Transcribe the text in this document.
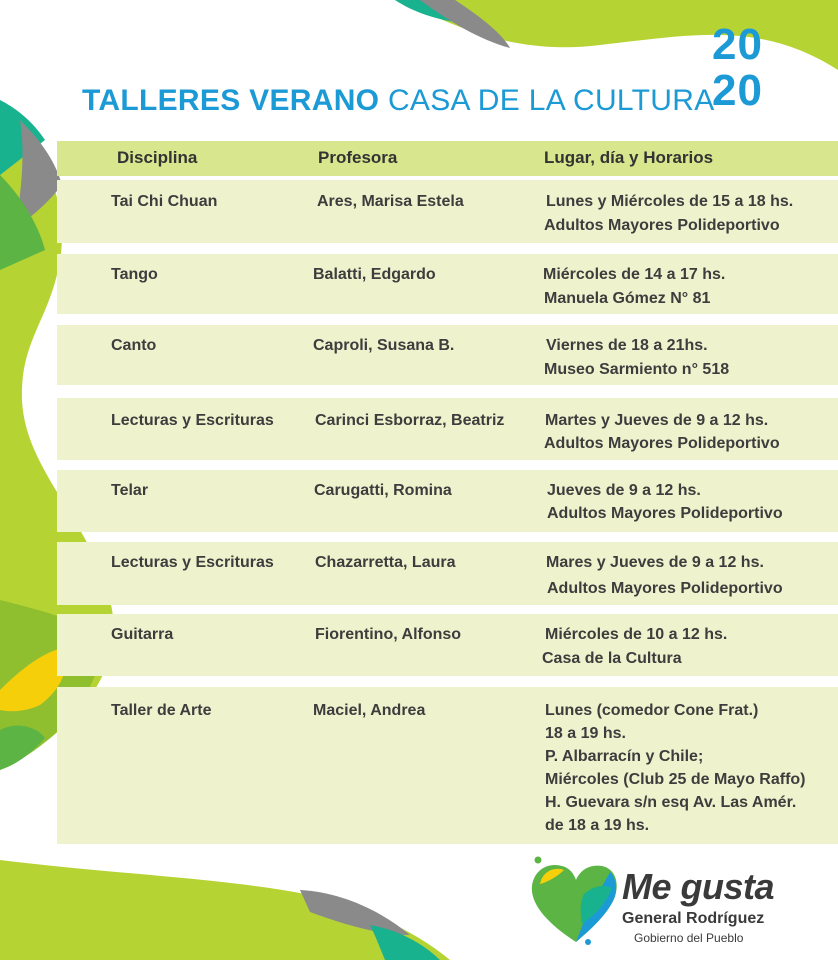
TALLERES VERANO CASA DE LA CULTURA
20
20
Disciplina	Profesora	Lugar, día y Horarios
Tai Chi Chuan	Ares, Marisa Estela	Lunes y Miércoles de 15 a 18 hs.
Adultos Mayores Polideportivo
Tango	Balatti, Edgardo	Miércoles de 14 a 17 hs.
Manuela Gómez N° 81
Canto	Caproli, Susana B.	Viernes de 18 a 21hs.
Museo Sarmiento n° 518
Lecturas y Escrituras	Carinci Esborraz, Beatriz	Martes y Jueves de 9 a 12 hs.
Adultos Mayores Polideportivo
Telar	Carugatti, Romina	Jueves de 9 a 12 hs.
Adultos Mayores Polideportivo
Lecturas y Escrituras	Chazarretta, Laura	Mares y Jueves de 9 a 12 hs.
Adultos Mayores Polideportivo
Guitarra	Fiorentino, Alfonso	Miércoles de 10 a 12 hs.
Casa de la Cultura
Taller de Arte	Maciel, Andrea	Lunes (comedor Cone Frat.)
18 a 19 hs.
P. Albarracín y Chile;
Miércoles (Club 25 de Mayo Raffo)
H. Guevara s/n esq Av. Las Amér.
de 18 a 19 hs.
Me gusta
General Rodríguez
Gobierno del Pueblo
